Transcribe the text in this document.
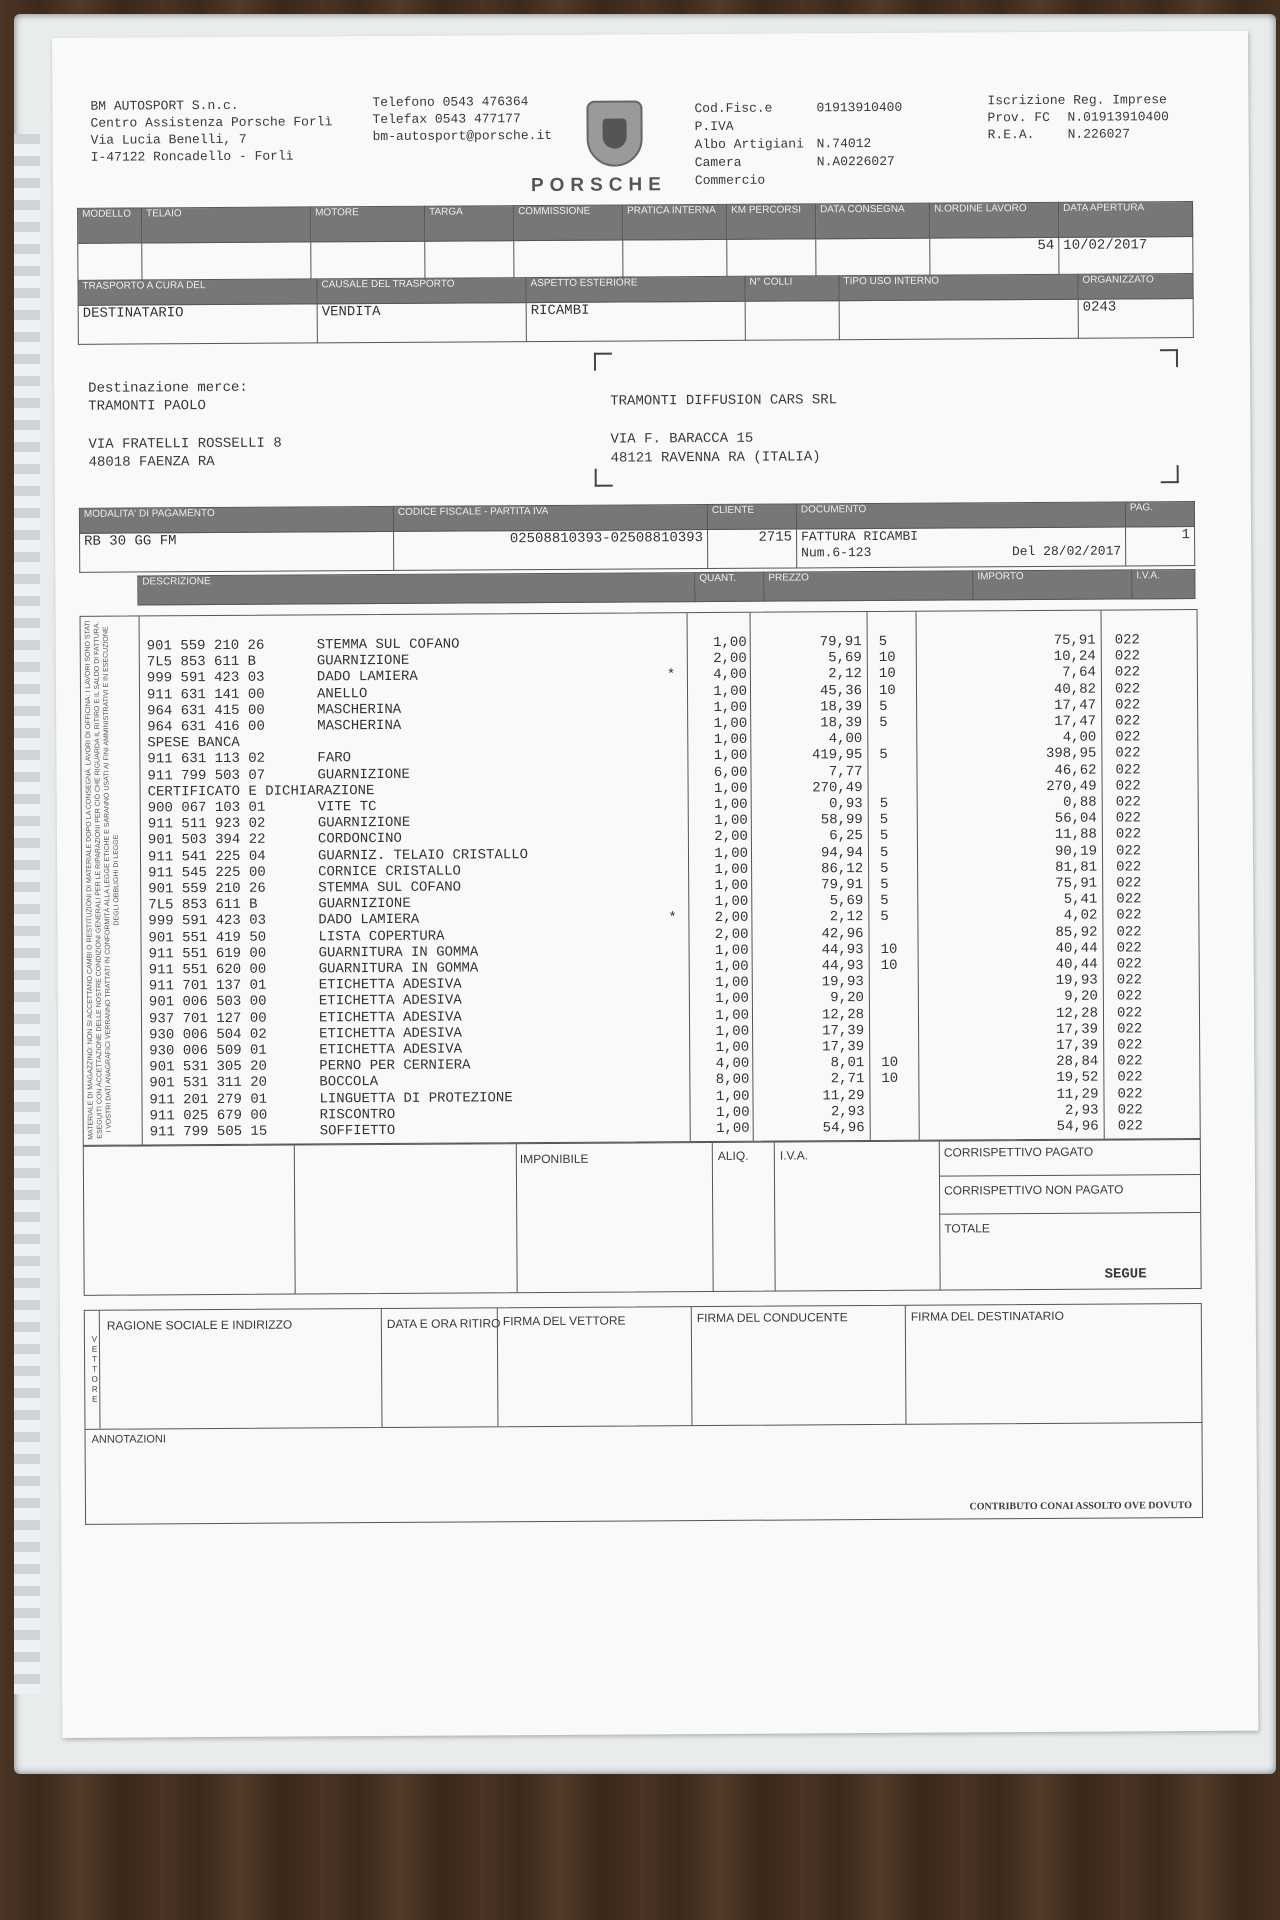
BM AUTOSPORT S.n.c.
Centro Assistenza Porsche Forlì
Via Lucia Benelli, 7
I-47122 Roncadello - Forlì
Telefono 0543 476364
Telefax 0543 477177
bm-autosport@porsche.it
PORSCHE
Cod.Fisc.e P.IVA
01913910400
Albo Artigiani N.74012
Camera Commercio
N.A0226027
Iscrizione Reg. Imprese
Prov. FC	N.01913910400
R.E.A.	N.226027
MODELLO	TELAIO	MOTORE	TARGA	COMMISSIONE	PRATICA INTERNA	KM PERCORSI	DATA CONSEGNA	N.ORDINE LAVORO	DATA APERTURA
								54	10/02/2017
TRASPORTO A CURA DEL	CAUSALE DEL TRASPORTO	ASPETTO ESTERIORE	N° COLLI	TIPO USO INTERNO	ORGANIZZATO
DESTINATARIO	VENDITA	RICAMBI			0243
Destinazione merce:
TRAMONTI PAOLO
VIA FRATELLI ROSSELLI 8
48018 FAENZA RA
TRAMONTI DIFFUSION CARS SRL
VIA F. BARACCA 15
48121 RAVENNA RA (ITALIA)
MODALITA' DI PAGAMENTO	CODICE FISCALE - PARTITA IVA	CLIENTE	DOCUMENTO	PAG.
RB 30 GG FM	02508810393-02508810393	2715	FATTURA RICAMBI
Num.6-123 Del 28/02/2017	1
DESCRIZIONE	QUANT.	PREZZO	IMPORTO	I.V.A.
901 559 210 26	STEMMA SUL COFANO	1,00	79,91 5	75,91 022
7L5 853 611 B	GUARNIZIONE	2,00	5,69 10	10,24 022
999 591 423 03	DADO LAMIERA	*	4,00	2,12 10	7,64 022
911 631 141 00	ANELLO	1,00	45,36 10	40,82 022
964 631 415 00	MASCHERINA	1,00	18,39 5	17,47 022
964 631 416 00	MASCHERINA	1,00	18,39 5	17,47 022
SPESE BANCA	1,00	4,00	4,00 022
911 631 113 02	FARO	1,00	419,95 5	398,95 022
911 799 503 07	GUARNIZIONE	6,00	7,77	46,62 022
CERTIFICATO E DICHIARAZIONE	1,00	270,49	270,49 022
900 067 103 01	VITE TC	1,00	0,93 5	0,88 022
911 511 923 02	GUARNIZIONE	1,00	58,99 5	56,04 022
901 503 394 22	CORDONCINO	2,00	6,25 5	11,88 022
911 541 225 04	GUARNIZ. TELAIO CRISTALLO	1,00	94,94 5	90,19 022
911 545 225 00	CORNICE CRISTALLO	1,00	86,12 5	81,81 022
901 559 210 26	STEMMA SUL COFANO	1,00	79,91 5	75,91 022
7L5 853 611 B	GUARNIZIONE	1,00	5,69 5	5,41 022
999 591 423 03	DADO LAMIERA	*	2,00	2,12 5	4,02 022
901 551 419 50	LISTA COPERTURA	2,00	42,96	85,92 022
911 551 619 00	GUARNITURA IN GOMMA	1,00	44,93 10	40,44 022
911 551 620 00	GUARNITURA IN GOMMA	1,00	44,93 10	40,44 022
911 701 137 01	ETICHETTA ADESIVA	1,00	19,93	19,93 022
901 006 503 00	ETICHETTA ADESIVA	1,00	9,20	9,20 022
937 701 127 00	ETICHETTA ADESIVA	1,00	12,28	12,28 022
930 006 504 02	ETICHETTA ADESIVA	1,00	17,39	17,39 022
930 006 509 01	ETICHETTA ADESIVA	1,00	17,39	17,39 022
901 531 305 20	PERNO PER CERNIERA	4,00	8,01 10	28,84 022
901 531 311 20	BOCCOLA	8,00	2,71 10	19,52 022
911 201 279 01	LINGUETTA DI PROTEZIONE	1,00	11,29	11,29 022
911 025 679 00	RISCONTRO	1,00	2,93	2,93 022
911 799 505 15	SOFFIETTO	1,00	54,96	54,96 022
MATERIALE DI MAGAZZINO: NON SI ACCETTANO CAMBI O RESTITUZIONI DI MATERIALE DOPO LA CONSEGNA. LAVORI DI OFFICINA: I LAVORI SONO STATI ESEGUITI CON ACCETTAZIONE DELLE NOSTRE CONDIZIONI GENERALI PER LE RIPARAZIONI PER CIÒ CHE RIGUARDA IL RITIRO E IL SALDO DI FATTURA. I VOSTRI DATI ANAGRAFICI VERRANNO TRATTATI IN CONFORMITÀ ALLA LEGGE ETICHE E SARANNO USATI AI FINI AMMINISTRATIVI E IN ESECUZIONE DEGLI OBBLIGHI DI LEGGE
IMPONIBILE	ALIQ.	I.V.A.	CORRISPETTIVO PAGATO
CORRISPETTIVO NON PAGATO
TOTALE
SEGUE
VETTORE
RAGIONE SOCIALE E INDIRIZZO	DATA E ORA RITIRO FIRMA DEL VETTORE	FIRMA DEL CONDUCENTE	FIRMA DEL DESTINATARIO
ANNOTAZIONI
CONTRIBUTO CONAI ASSOLTO OVE DOVUTO
